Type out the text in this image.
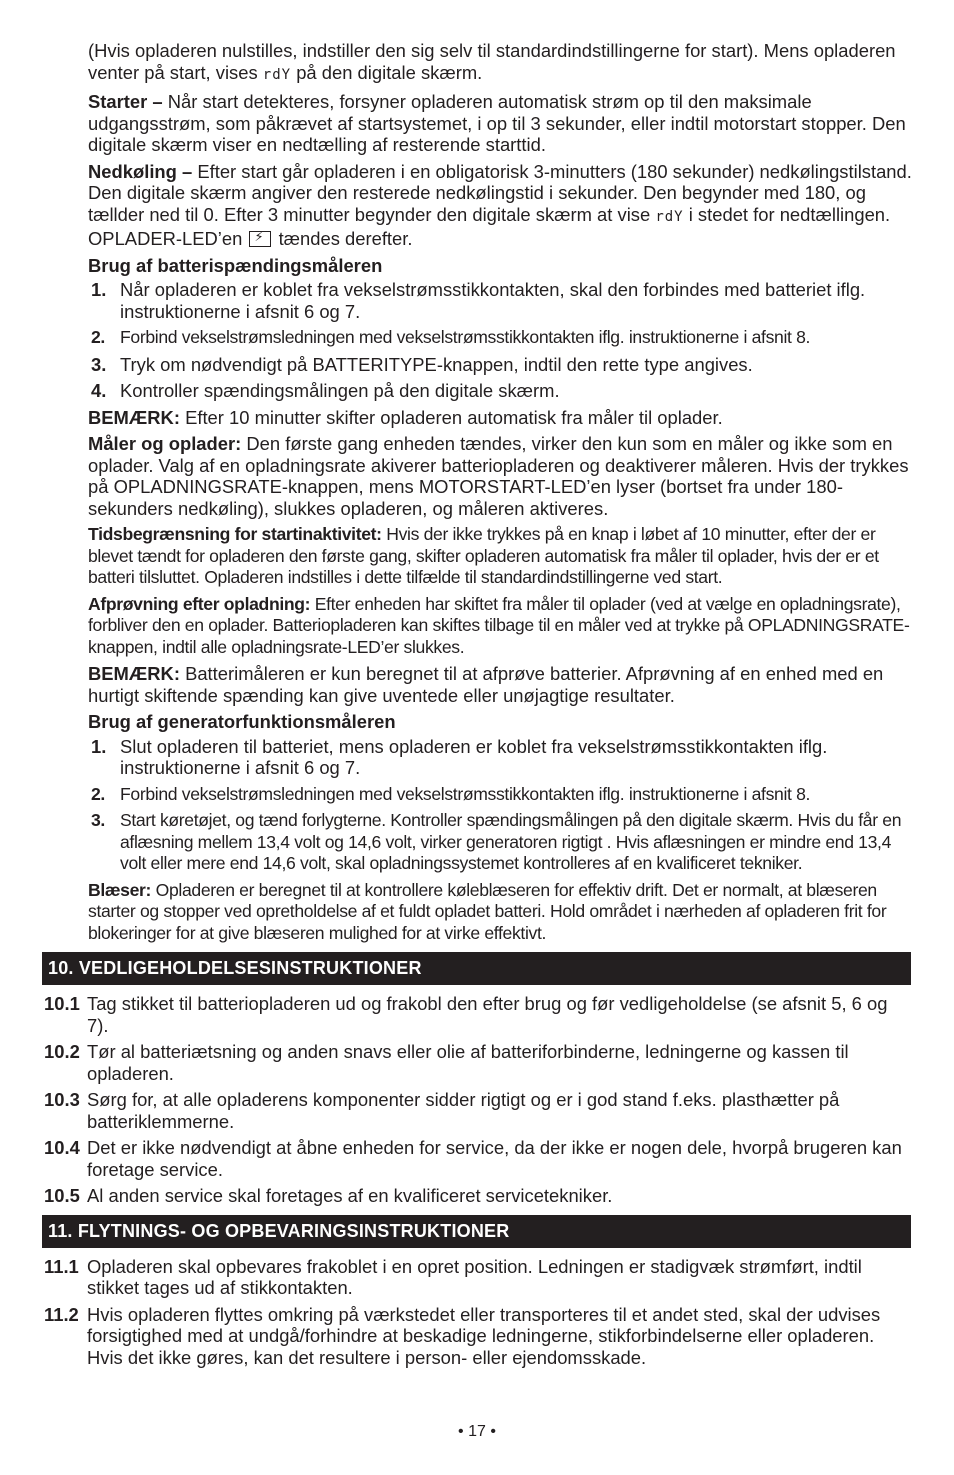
(Hvis opladeren nulstilles, indstiller den sig selv til standardindstillingerne for start). Mens opladeren venter på start, vises rdY på den digitale skærm.
Starter – Når start detekteres, forsyner opladeren automatisk strøm op til den maksimale udgangsstrøm, som påkrævet af startsystemet, i op til 3 sekunder, eller indtil motorstart stopper. Den digitale skærm viser en nedtælling af resterende starttid.
Nedkøling – Efter start går opladeren i en obligatorisk 3-minutters (180 sekunder) nedkølingstilstand. Den digitale skærm angiver den resterede nedkølingstid i sekunder. Den begynder med 180, og tællder ned til 0. Efter 3 minutter begynder den digitale skærm at vise rdY i stedet for nedtællingen. OPLADER-LED’en ⚡ tændes derefter.
Brug af batterispændingsmåleren
1. Når opladeren er koblet fra vekselstrømsstikkontakten, skal den forbindes med batteriet iflg. instruktionerne i afsnit 6 og 7.
2. Forbind vekselstrømsledningen med vekselstrømsstikkontakten iflg. instruktionerne i afsnit 8.
3. Tryk om nødvendigt på BATTERITYPE-knappen, indtil den rette type angives.
4. Kontroller spændingsmålingen på den digitale skærm.
BEMÆRK: Efter 10 minutter skifter opladeren automatisk fra måler til oplader.
Måler og oplader: Den første gang enheden tændes, virker den kun som en måler og ikke som en oplader. Valg af en opladningsrate akiverer batteriopladeren og deaktiverer måleren. Hvis der trykkes på OPLADNINGSRATE-knappen, mens MOTORSTART-LED’en lyser (bortset fra under 180-sekunders nedkøling), slukkes opladeren, og måleren aktiveres.
Tidsbegrænsning for startinaktivitet: Hvis der ikke trykkes på en knap i løbet af 10 minutter, efter der er blevet tændt for opladeren den første gang, skifter opladeren automatisk fra måler til oplader, hvis der er et batteri tilsluttet. Opladeren indstilles i dette tilfælde til standardindstillingerne ved start.
Afprøvning efter opladning: Efter enheden har skiftet fra måler til oplader (ved at vælge en opladningsrate), forbliver den en oplader. Batteriopladeren kan skiftes tilbage til en måler ved at trykke på OPLADNINGSRATE-knappen, indtil alle opladningsrate-LED’er slukkes.
BEMÆRK: Batterimåleren er kun beregnet til at afprøve batterier. Afprøvning af en enhed med en hurtigt skiftende spænding kan give uventede eller unøjagtige resultater.
Brug af generatorfunktionsmåleren
1. Slut opladeren til batteriet, mens opladeren er koblet fra vekselstrømsstikkontakten iflg. instruktionerne i afsnit 6 og 7.
2. Forbind vekselstrømsledningen med vekselstrømsstikkontakten iflg. instruktionerne i afsnit 8.
3. Start køretøjet, og tænd forlygterne. Kontroller spændingsmålingen på den digitale skærm. Hvis du får en aflæsning mellem 13,4 volt og 14,6 volt, virker generatoren rigtigt . Hvis aflæsningen er mindre end 13,4 volt eller mere end 14,6 volt, skal opladningssystemet kontrolleres af en kvalificeret tekniker.
Blæser: Opladeren er beregnet til at kontrollere køleblæseren for effektiv drift. Det er normalt, at blæseren starter og stopper ved opretholdelse af et fuldt opladet batteri. Hold området i nærheden af opladeren frit for blokeringer for at give blæseren mulighed for at virke effektivt.
10. VEDLIGEHOLDELSESINSTRUKTIONER
10.1 Tag stikket til batteriopladeren ud og frakobl den efter brug og før vedligeholdelse (se afsnit 5, 6 og 7).
10.2 Tør al batteriætsning og anden snavs eller olie af batteriforbinderne, ledningerne og kassen til opladeren.
10.3 Sørg for, at alle opladerens komponenter sidder rigtigt og er i god stand f.eks. plasthætter på batteriklemmerne.
10.4 Det er ikke nødvendigt at åbne enheden for service, da der ikke er nogen dele, hvorpå brugeren kan foretage service.
10.5 Al anden service skal foretages af en kvalificeret servicetekniker.
11. FLYTNINGS- OG OPBEVARINGSINSTRUKTIONER
11.1 Opladeren skal opbevares frakoblet i en opret position. Ledningen er stadigvæk strømført, indtil stikket tages ud af stikkontakten.
11.2 Hvis opladeren flyttes omkring på værkstedet eller transporteres til et andet sted, skal der udvises forsigtighed med at undgå/forhindre at beskadige ledningerne, stikforbindelserne eller opladeren. Hvis det ikke gøres, kan det resultere i person- eller ejendomsskade.
• 17 •
